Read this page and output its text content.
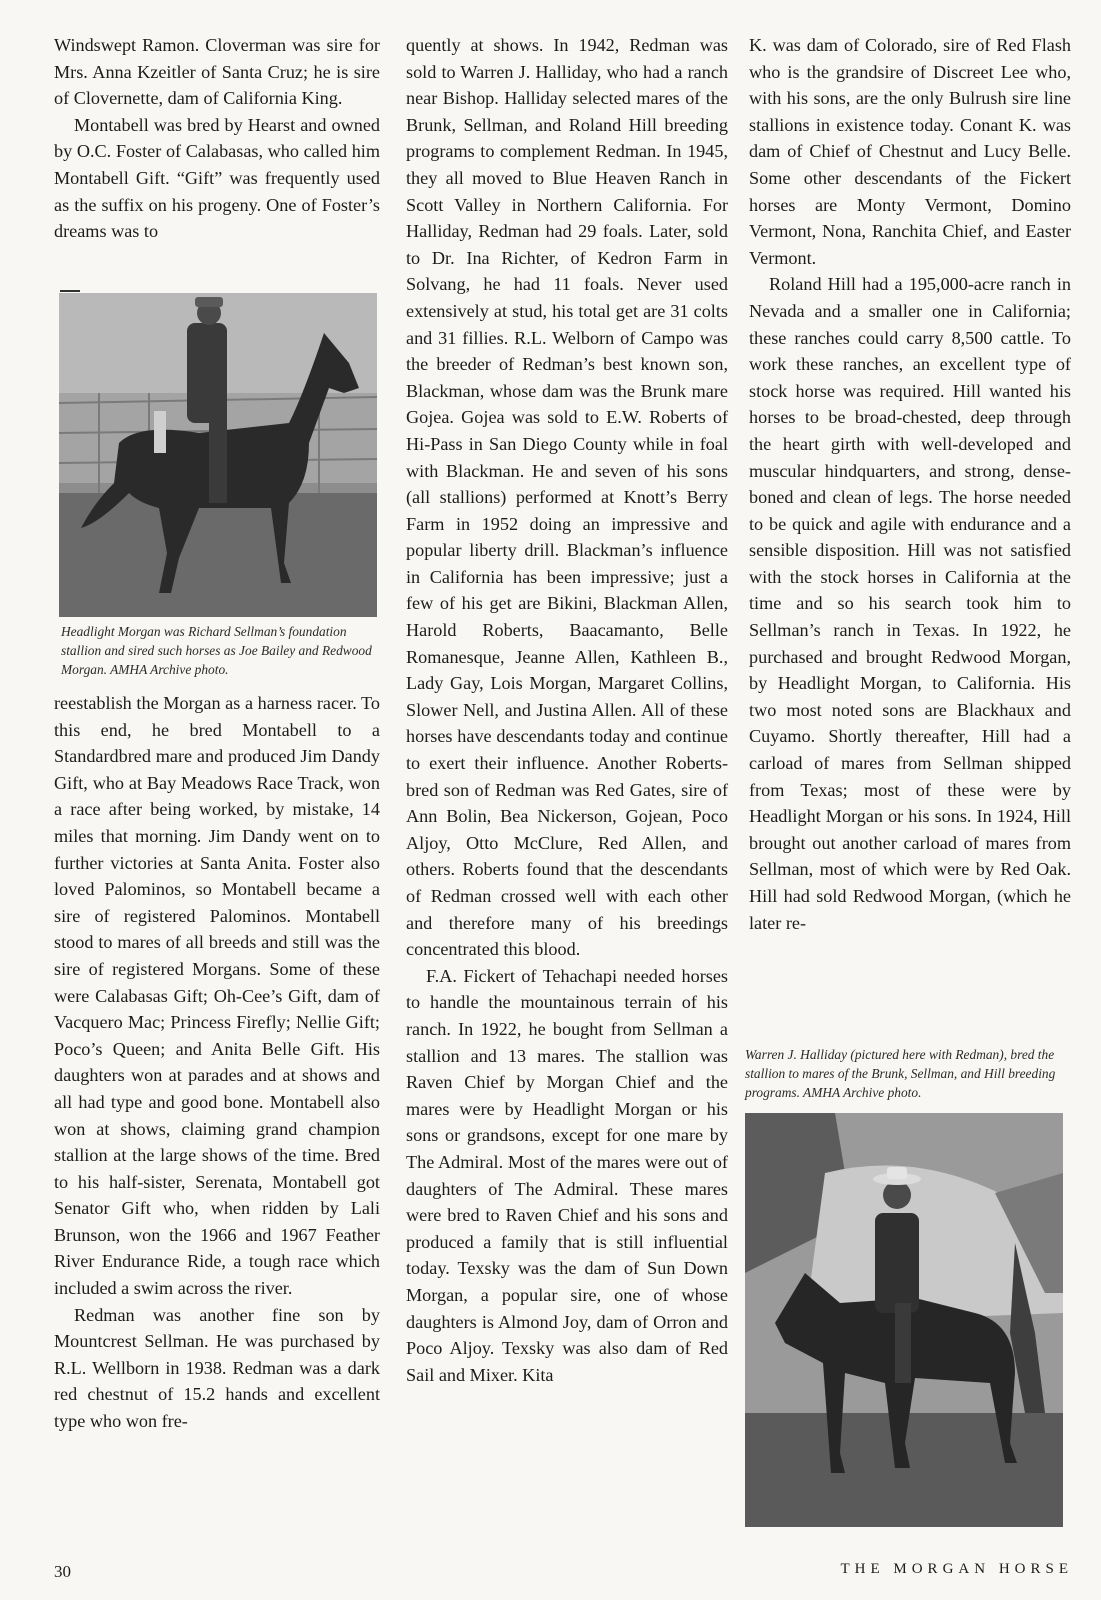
Windswept Ramon. Cloverman was sire for Mrs. Anna Kzeitler of Santa Cruz; he is sire of Clovernette, dam of California King.

Montabell was bred by Hearst and owned by O.C. Foster of Calabasas, who called him Montabell Gift. “Gift” was frequently used as the suffix on his progeny. One of Foster’s dreams was to

Headlight Morgan was Richard Sellman’s foundation stallion and sired such horses as Joe Bailey and Redwood Morgan. AMHA Archive photo.

reestablish the Morgan as a harness racer. To this end, he bred Montabell to a Standardbred mare and produced Jim Dandy Gift, who at Bay Meadows Race Track, won a race after being worked, by mistake, 14 miles that morning. Jim Dandy went on to further victories at Santa Anita. Foster also loved Palominos, so Montabell became a sire of registered Palominos. Montabell stood to mares of all breeds and still was the sire of registered Morgans. Some of these were Calabasas Gift; Oh-Cee’s Gift, dam of Vacquero Mac; Princess Firefly; Nellie Gift; Poco’s Queen; and Anita Belle Gift. His daughters won at parades and at shows and all had type and good bone. Montabell also won at shows, claiming grand champion stallion at the large shows of the time. Bred to his half-sister, Serenata, Montabell got Senator Gift who, when ridden by Lali Brunson, won the 1966 and 1967 Feather River Endurance Ride, a tough race which included a swim across the river.

Redman was another fine son by Mountcrest Sellman. He was purchased by R.L. Wellborn in 1938. Redman was a dark red chestnut of 15.2 hands and excellent type who won fre-

quently at shows. In 1942, Redman was sold to Warren J. Halliday, who had a ranch near Bishop. Halliday selected mares of the Brunk, Sellman, and Roland Hill breeding programs to complement Redman. In 1945, they all moved to Blue Heaven Ranch in Scott Valley in Northern California. For Halliday, Redman had 29 foals. Later, sold to Dr. Ina Richter, of Kedron Farm in Solvang, he had 11 foals. Never used extensively at stud, his total get are 31 colts and 31 fillies. R.L. Welborn of Campo was the breeder of Redman’s best known son, Blackman, whose dam was the Brunk mare Gojea. Gojea was sold to E.W. Roberts of Hi-Pass in San Diego County while in foal with Blackman. He and seven of his sons (all stallions) performed at Knott’s Berry Farm in 1952 doing an impressive and popular liberty drill. Blackman’s influence in California has been impressive; just a few of his get are Bikini, Blackman Allen, Harold Roberts, Baacamanto, Belle Romanesque, Jeanne Allen, Kathleen B., Lady Gay, Lois Morgan, Margaret Collins, Slower Nell, and Justina Allen. All of these horses have descendants today and continue to exert their influence. Another Roberts-bred son of Redman was Red Gates, sire of Ann Bolin, Bea Nickerson, Gojean, Poco Aljoy, Otto McClure, Red Allen, and others. Roberts found that the descendants of Redman crossed well with each other and therefore many of his breedings concentrated this blood.

F.A. Fickert of Tehachapi needed horses to handle the mountainous terrain of his ranch. In 1922, he bought from Sellman a stallion and 13 mares. The stallion was Raven Chief by Morgan Chief and the mares were by Headlight Morgan or his sons or grandsons, except for one mare by The Admiral. Most of the mares were out of daughters of The Admiral. These mares were bred to Raven Chief and his sons and produced a family that is still influential today. Texsky was the dam of Sun Down Morgan, a popular sire, one of whose daughters is Almond Joy, dam of Orron and Poco Aljoy. Texsky was also dam of Red Sail and Mixer. Kita

K. was dam of Colorado, sire of Red Flash who is the grandsire of Discreet Lee who, with his sons, are the only Bulrush sire line stallions in existence today. Conant K. was dam of Chief of Chestnut and Lucy Belle. Some other descendants of the Fickert horses are Monty Vermont, Domino Vermont, Nona, Ranchita Chief, and Easter Vermont.

Roland Hill had a 195,000-acre ranch in Nevada and a smaller one in California; these ranches could carry 8,500 cattle. To work these ranches, an excellent type of stock horse was required. Hill wanted his horses to be broad-chested, deep through the heart girth with well-developed and muscular hindquarters, and strong, dense-boned and clean of legs. The horse needed to be quick and agile with endurance and a sensible disposition. Hill was not satisfied with the stock horses in California at the time and so his search took him to Sellman’s ranch in Texas. In 1922, he purchased and brought Redwood Morgan, by Headlight Morgan, to California. His two most noted sons are Blackhaux and Cuyamo. Shortly thereafter, Hill had a carload of mares from Sellman shipped from Texas; most of these were by Headlight Morgan or his sons. In 1924, Hill brought out another carload of mares from Sellman, most of which were by Red Oak. Hill had sold Redwood Morgan, (which he later re-

Warren J. Halliday (pictured here with Redman), bred the stallion to mares of the Brunk, Sellman, and Hill breeding programs. AMHA Archive photo.
30	THE MORGAN HORSE
